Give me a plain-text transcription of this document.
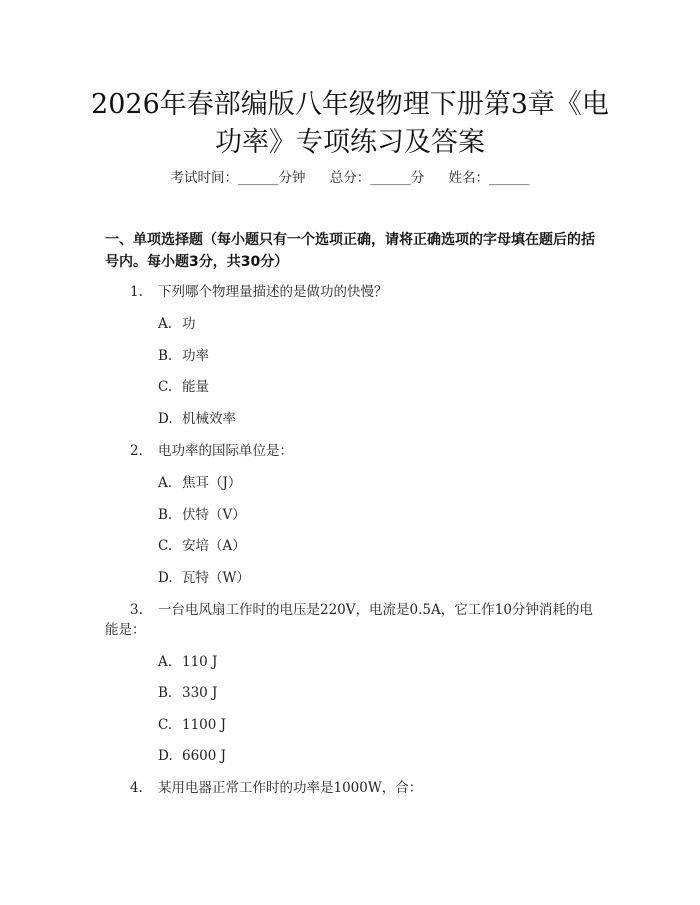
2026年春部编版八年级物理下册第3章《电功率》专项练习及答案
考试时间：______分钟 总分：______分 姓名：______
一、单项选择题（每小题只有一个选项正确，请将正确选项的字母填在题后的括号内。每小题3分，共30分）
1. 下列哪个物理量描述的是做功的快慢？
A. 功
B. 功率
C. 能量
D. 机械效率
2. 电功率的国际单位是：
A. 焦耳（J）
B. 伏特（V）
C. 安培（A）
D. 瓦特（W）
3. 一台电风扇工作时的电压是220V，电流是0.5A，它工作10分钟消耗的电
能是：
A. 110 J
B. 330 J
C. 1100 J
D. 6600 J
4. 某用电器正常工作时的功率是1000W，合：
